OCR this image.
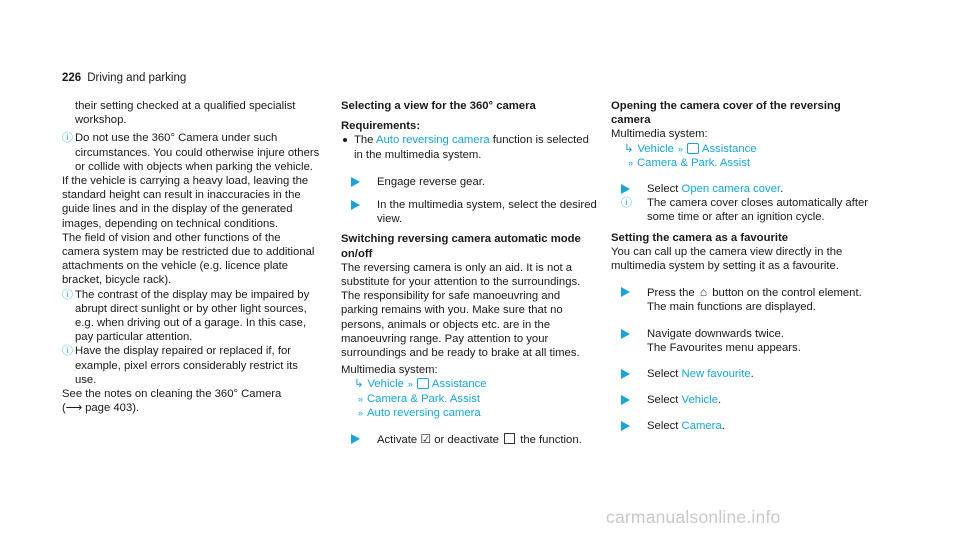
226 Driving and parking

their setting checked at a qualified specialist workshop.

ⓘ Do not use the 360° Camera under such circumstances. You could otherwise injure others or collide with objects when parking the vehicle.

If the vehicle is carrying a heavy load, leaving the standard height can result in inaccuracies in the guide lines and in the display of the generated images, depending on technical conditions.

The field of vision and other functions of the camera system may be restricted due to additional attachments on the vehicle (e.g. licence plate bracket, bicycle rack).

ⓘ The contrast of the display may be impaired by abrupt direct sunlight or by other light sources, e.g. when driving out of a garage. In this case, pay particular attention.
ⓘ Have the display repaired or replaced if, for example, pixel errors considerably restrict its use.

See the notes on cleaning the 360° Camera
(⟶ page 403).

Selecting a view for the 360° camera

Requirements:

The Auto reversing camera function is selected in the multimedia system.
Engage reverse gear.
In the multimedia system, select the desired view.

Switching reversing camera automatic mode on/off

The reversing camera is only an aid. It is not a substitute for your attention to the surroundings. The responsibility for safe manoeuvring and parking remains with you. Make sure that no persons, animals or objects etc. are in the manoeuvring range. Pay attention to your surroundings and be ready to brake at all times.

Multimedia system:

↳ Vehicle » Assistance
» Camera & Park. Assist
» Auto reversing camera
Activate ☑ or deactivate the function.

Opening the camera cover of the reversing camera

Multimedia system:

↳ Vehicle » Assistance
» Camera & Park. Assist
Select Open camera cover.
ⓘ The camera cover closes automatically after some time or after an ignition cycle.

Setting the camera as a favourite

You can call up the camera view directly in the multimedia system by setting it as a favourite.

Press the ⌂ button on the control element.
The main functions are displayed.
Navigate downwards twice.
The Favourites menu appears.
Select New favourite.
Select Vehicle.
Select Camera.
carmanualsonline.info
